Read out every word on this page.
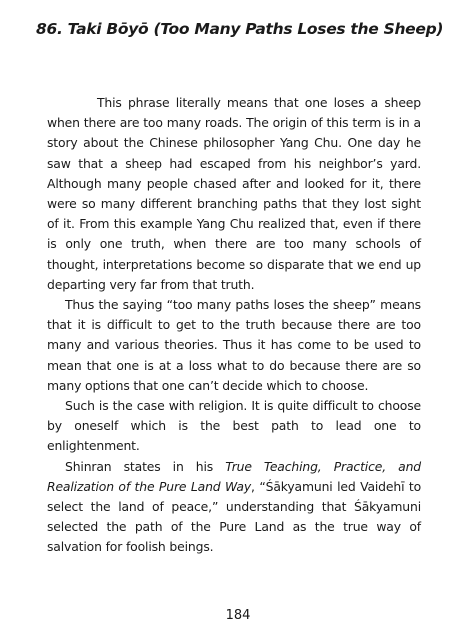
86. Taki Bōyō (Too Many Paths Loses the Sheep)

This phrase literally means that one loses a sheep when there are too many roads. The origin of this term is in a story about the Chinese philosopher Yang Chu. One day he saw that a sheep had escaped from his neighbor’s yard. Although many people chased after and looked for it, there were so many different branching paths that they lost sight of it. From this example Yang Chu realized that, even if there is only one truth, when there are too many schools of thought, interpretations become so disparate that we end up departing very far from that truth.

Thus the saying “too many paths loses the sheep” means that it is difficult to get to the truth because there are too many and various theories. Thus it has come to be used to mean that one is at a loss what to do because there are so many options that one can’t decide which to choose.

Such is the case with religion. It is quite difficult to choose by oneself which is the best path to lead one to enlightenment.

Shinran states in his True Teaching, Practice, and Realization of the Pure Land Way, “Śākyamuni led Vaidehī to select the land of peace,” understanding that Śākyamuni selected the path of the Pure Land as the true way of salvation for foolish beings.

184
